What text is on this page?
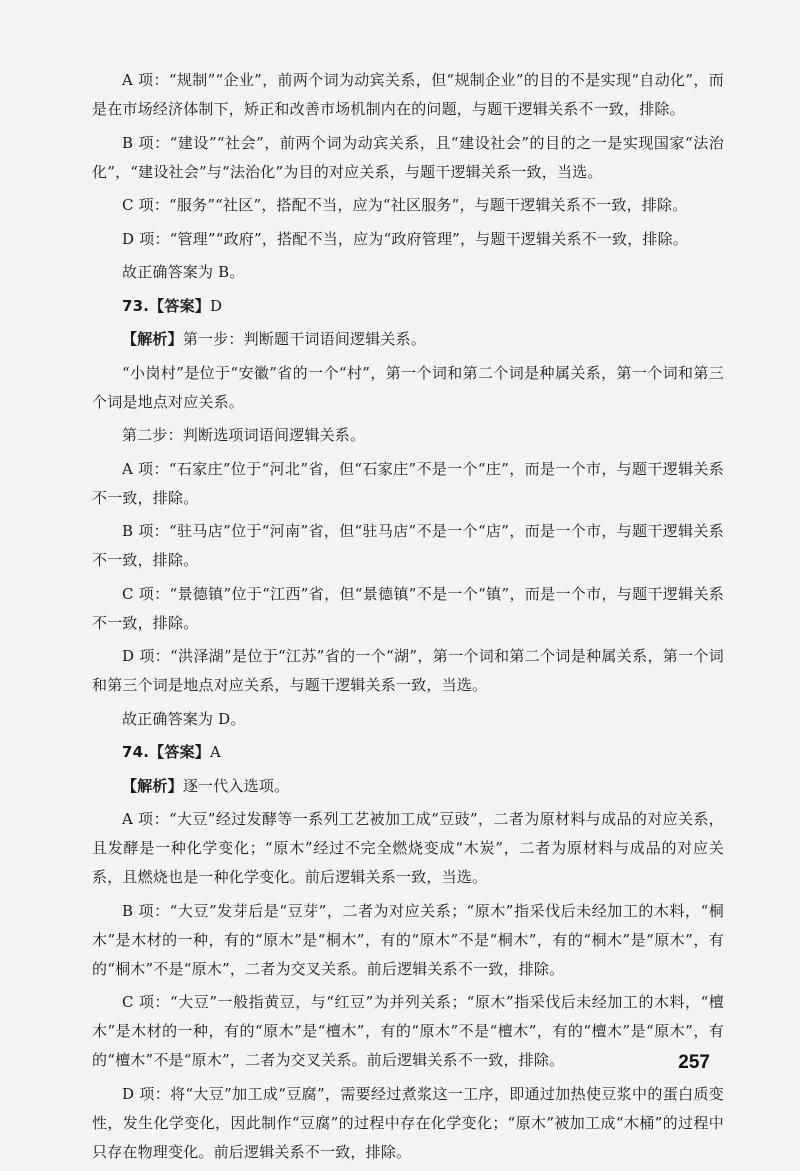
A 项：“规制”“企业”，前两个词为动宾关系，但“规制企业”的目的不是实现“自动化”，而是在市场经济体制下，矫正和改善市场机制内在的问题，与题干逻辑关系不一致，排除。

B 项：“建设”“社会”，前两个词为动宾关系，且“建设社会”的目的之一是实现国家“法治化”，“建设社会”与“法治化”为目的对应关系，与题干逻辑关系一致，当选。

C 项：“服务”“社区”，搭配不当，应为“社区服务”，与题干逻辑关系不一致，排除。

D 项：“管理”“政府”，搭配不当，应为“政府管理”，与题干逻辑关系不一致，排除。

故正确答案为 B。

73.【答案】D

【解析】第一步：判断题干词语间逻辑关系。

“小岗村”是位于“安徽”省的一个“村”，第一个词和第二个词是种属关系，第一个词和第三个词是地点对应关系。

第二步：判断选项词语间逻辑关系。

A 项：“石家庄”位于“河北”省，但“石家庄”不是一个“庄”，而是一个市，与题干逻辑关系不一致，排除。

B 项：“驻马店”位于“河南”省，但“驻马店”不是一个“店”，而是一个市，与题干逻辑关系不一致，排除。

C 项：“景德镇”位于“江西”省，但“景德镇”不是一个“镇”，而是一个市，与题干逻辑关系不一致，排除。

D 项：“洪泽湖”是位于“江苏”省的一个“湖”，第一个词和第二个词是种属关系，第一个词和第三个词是地点对应关系，与题干逻辑关系一致，当选。

故正确答案为 D。

74.【答案】A

【解析】逐一代入选项。

A 项：“大豆”经过发酵等一系列工艺被加工成“豆豉”，二者为原材料与成品的对应关系，且发酵是一种化学变化；“原木”经过不完全燃烧变成“木炭”，二者为原材料与成品的对应关系，且燃烧也是一种化学变化。前后逻辑关系一致，当选。

B 项：“大豆”发芽后是“豆芽”，二者为对应关系；“原木”指采伐后未经加工的木料，“桐木”是木材的一种，有的“原木”是“桐木”，有的“原木”不是“桐木”，有的“桐木”是“原木”，有的“桐木”不是“原木”，二者为交叉关系。前后逻辑关系不一致，排除。

C 项：“大豆”一般指黄豆，与“红豆”为并列关系；“原木”指采伐后未经加工的木料，“檀木”是木材的一种，有的“原木”是“檀木”，有的“原木”不是“檀木”，有的“檀木”是“原木”，有的“檀木”不是“原木”，二者为交叉关系。前后逻辑关系不一致，排除。

D 项：将“大豆”加工成“豆腐”，需要经过煮浆这一工序，即通过加热使豆浆中的蛋白质变性，发生化学变化，因此制作“豆腐”的过程中存在化学变化；“原木”被加工成“木桶”的过程中只存在物理变化。前后逻辑关系不一致，排除。

257
